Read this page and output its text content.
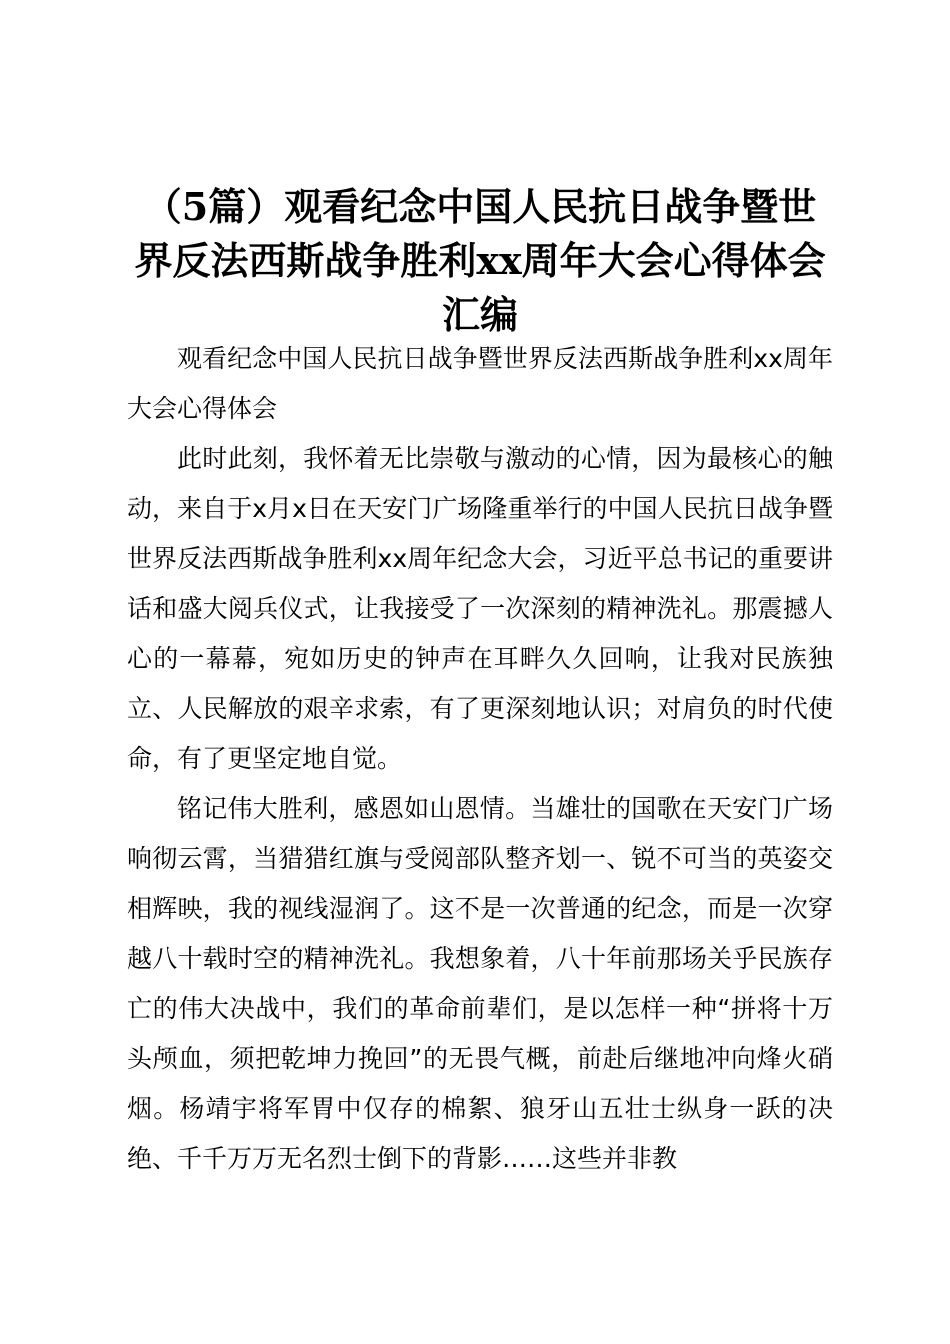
（5篇）观看纪念中国人民抗日战争暨世界反法西斯战争胜利xx周年大会心得体会汇编

观看纪念中国人民抗日战争暨世界反法西斯战争胜利xx周年大会心得体会

此时此刻，我怀着无比崇敬与激动的心情，因为最核心的触动，来自于x月x日在天安门广场隆重举行的中国人民抗日战争暨世界反法西斯战争胜利xx周年纪念大会，习近平总书记的重要讲话和盛大阅兵仪式，让我接受了一次深刻的精神洗礼。那震撼人心的一幕幕，宛如历史的钟声在耳畔久久回响，让我对民族独立、人民解放的艰辛求索，有了更深刻地认识；对肩负的时代使命，有了更坚定地自觉。

铭记伟大胜利，感恩如山恩情。当雄壮的国歌在天安门广场响彻云霄，当猎猎红旗与受阅部队整齐划一、锐不可当的英姿交相辉映，我的视线湿润了。这不是一次普通的纪念，而是一次穿越八十载时空的精神洗礼。我想象着，八十年前那场关乎民族存亡的伟大决战中，我们的革命前辈们，是以怎样一种“拼将十万头颅血，须把乾坤力挽回”的无畏气概，前赴后继地冲向烽火硝烟。杨靖宇将军胃中仅存的棉絮、狼牙山五壮士纵身一跃的决绝、千千万万无名烈士倒下的背影……这些并非教
